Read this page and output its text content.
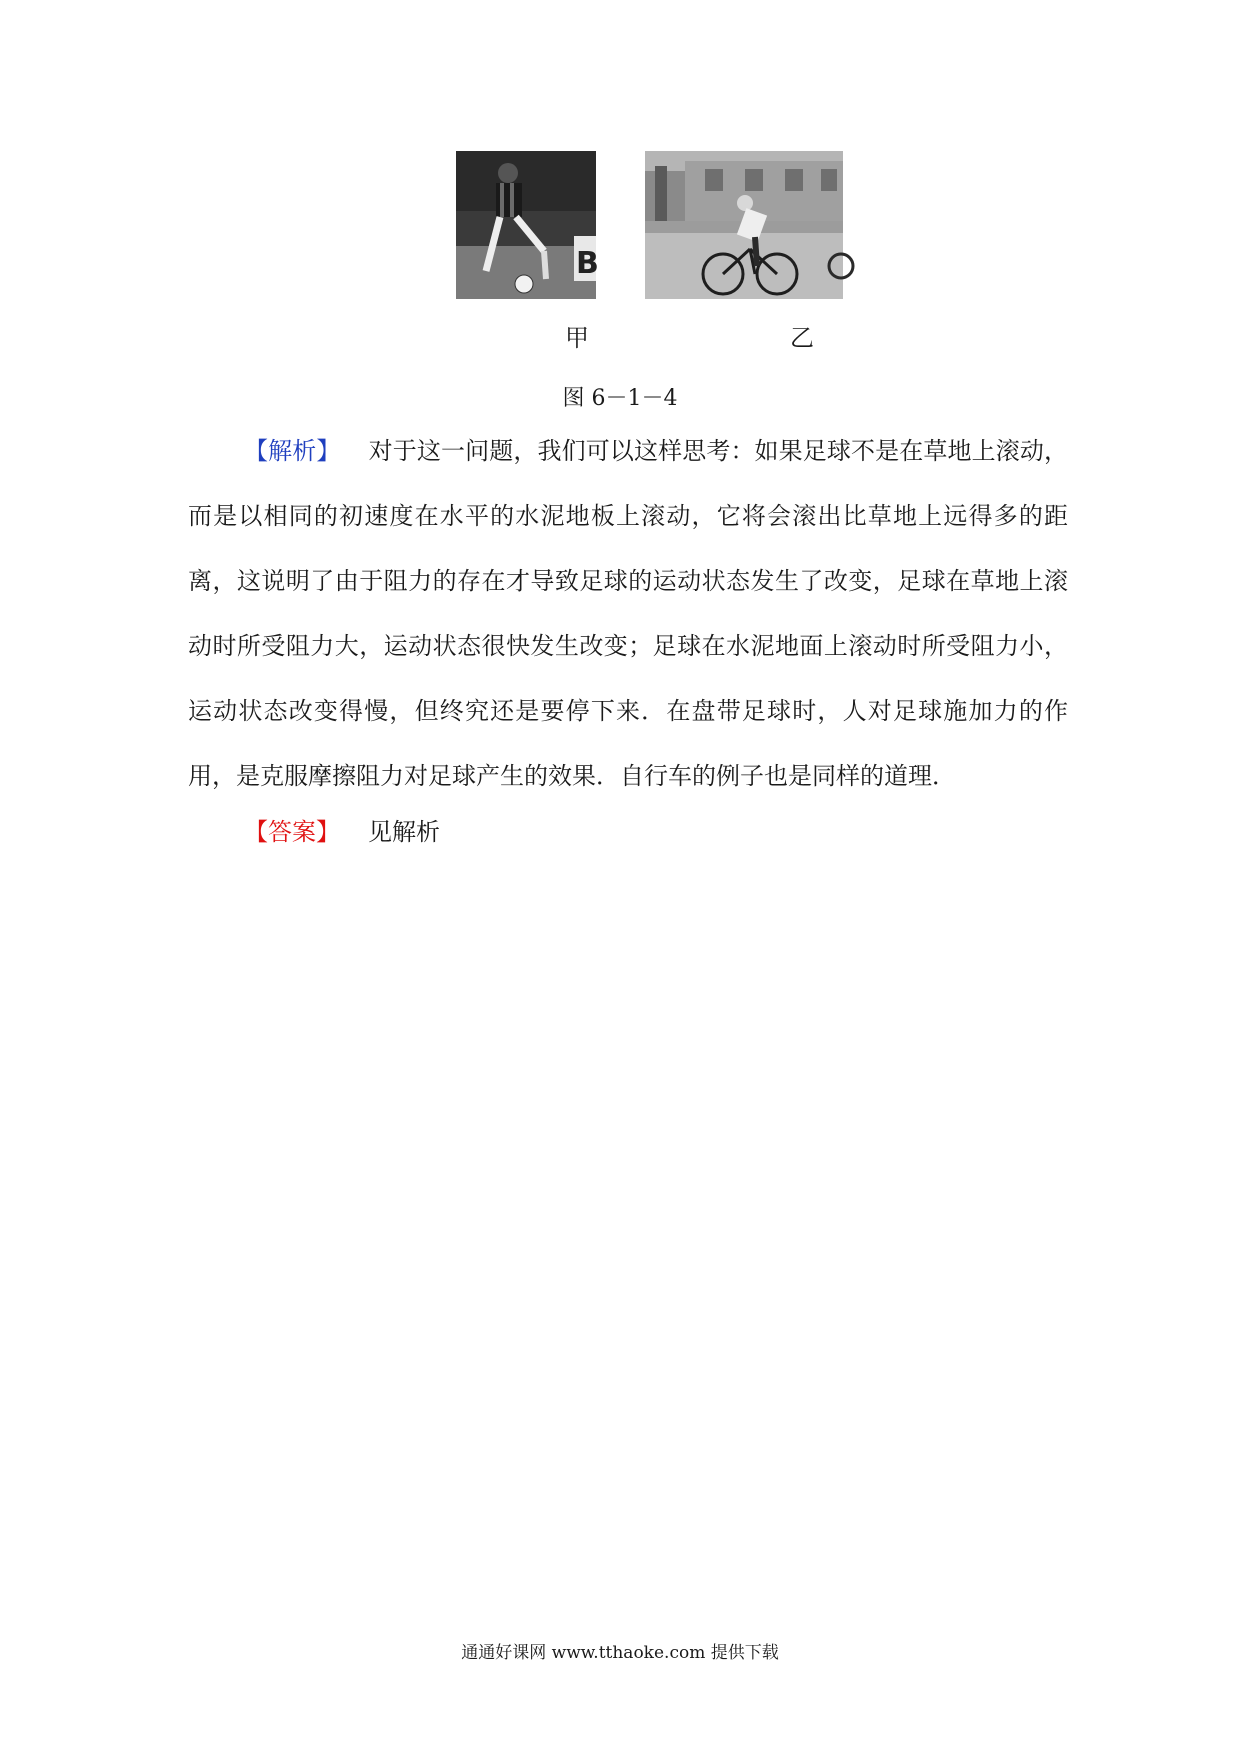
B
甲	乙
图 6－1－4
【解析】 对于这一问题，我们可以这样思考：如果足球不是在草地上滚动，而是以相同的初速度在水平的水泥地板上滚动，它将会滚出比草地上远得多的距离，这说明了由于阻力的存在才导致足球的运动状态发生了改变，足球在草地上滚动时所受阻力大，运动状态很快发生改变；足球在水泥地面上滚动时所受阻力小，运动状态改变得慢，但终究还是要停下来．在盘带足球时，人对足球施加力的作用，是克服摩擦阻力对足球产生的效果．自行车的例子也是同样的道理．
【答案】 见解析
通通好课网 www.tthaoke.com 提供下载
